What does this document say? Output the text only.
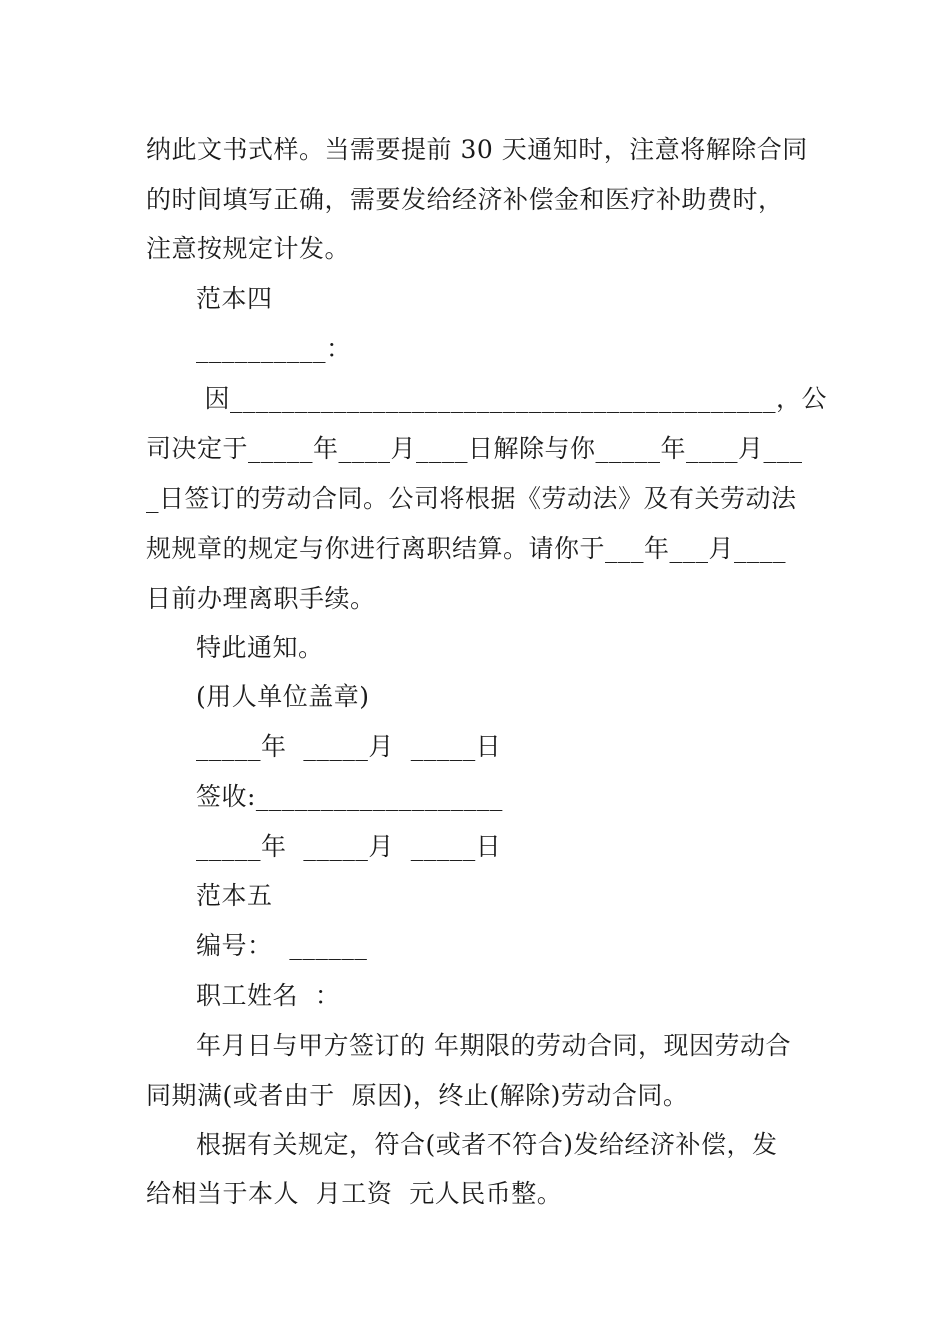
纳此文书式样。当需要提前 30 天通知时，注意将解除合同
的时间填写正确，需要发给经济补偿金和医疗补助费时，
注意按规定计发。
范本四
__________：
因__________________________________________，公
司决定于_____年____月____日解除与你_____年____月___
_日签订的劳动合同。公司将根据《劳动法》及有关劳动法
规规章的规定与你进行离职结算。请你于___年___月____
日前办理离职手续。
特此通知。
(用人单位盖章)
_____年  _____月  _____日
签收:___________________
_____年  _____月  _____日
范本五
编号：  ______
职工姓名  ：
年月日与甲方签订的 年期限的劳动合同，现因劳动合
同期满(或者由于  原因)，终止(解除)劳动合同。
根据有关规定，符合(或者不符合)发给经济补偿，发
给相当于本人  月工资  元人民币整。
